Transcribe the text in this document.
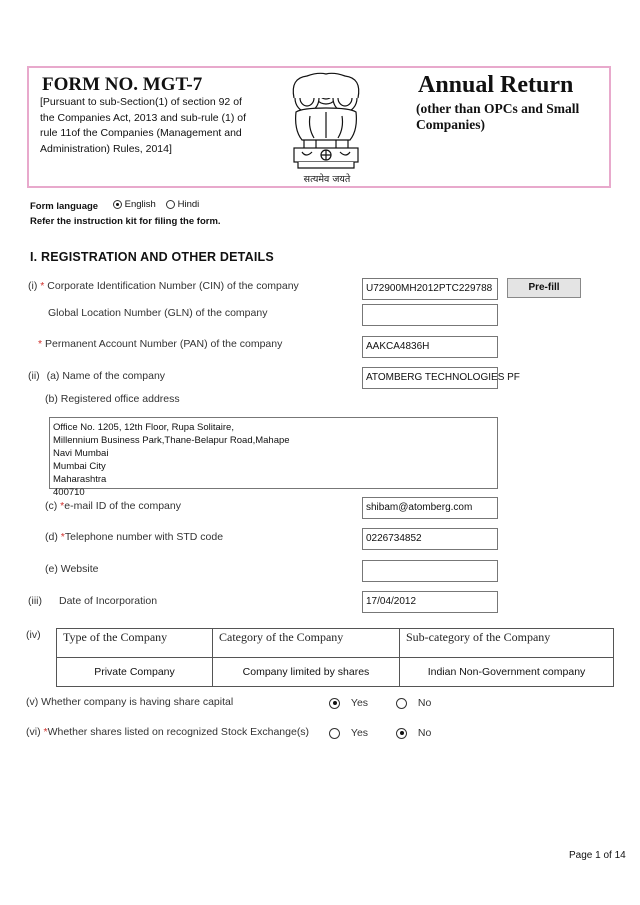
FORM NO. MGT-7
[Pursuant to sub-Section(1) of section 92 of
the Companies Act, 2013 and sub-rule (1) of
rule 11of the Companies (Management and
Administration) Rules, 2014]
सत्यमेव जयते
Annual Return
(other than OPCs and Small Companies)
Form language	English	Hindi
Refer the instruction kit for filing the form.
I. REGISTRATION AND OTHER DETAILS
(i) * Corporate Identification Number (CIN) of the company	U72900MH2012PTC229788	Pre-fill
Global Location Number (GLN) of the company
* Permanent Account Number (PAN) of the company	AAKCA4836H
(ii) (a) Name of the company	ATOMBERG TECHNOLOGIES PF
(b) Registered office address
Office No. 1205, 12th Floor, Rupa Solitaire,
Millennium Business Park,Thane-Belapur Road,Mahape
Navi Mumbai
Mumbai City
Maharashtra
400710
(c) *e-mail ID of the company	shibam@atomberg.com
(d) *Telephone number with STD code	0226734852
(e) Website
(iii) Date of Incorporation	17/04/2012
(iv) Type of the Company	Category of the Company	Sub-category of the Company
Private Company	Company limited by shares	Indian Non-Government company
(v) Whether company is having share capital	Yes	No
(vi) *Whether shares listed on recognized Stock Exchange(s)	Yes	No
Page 1 of 14
